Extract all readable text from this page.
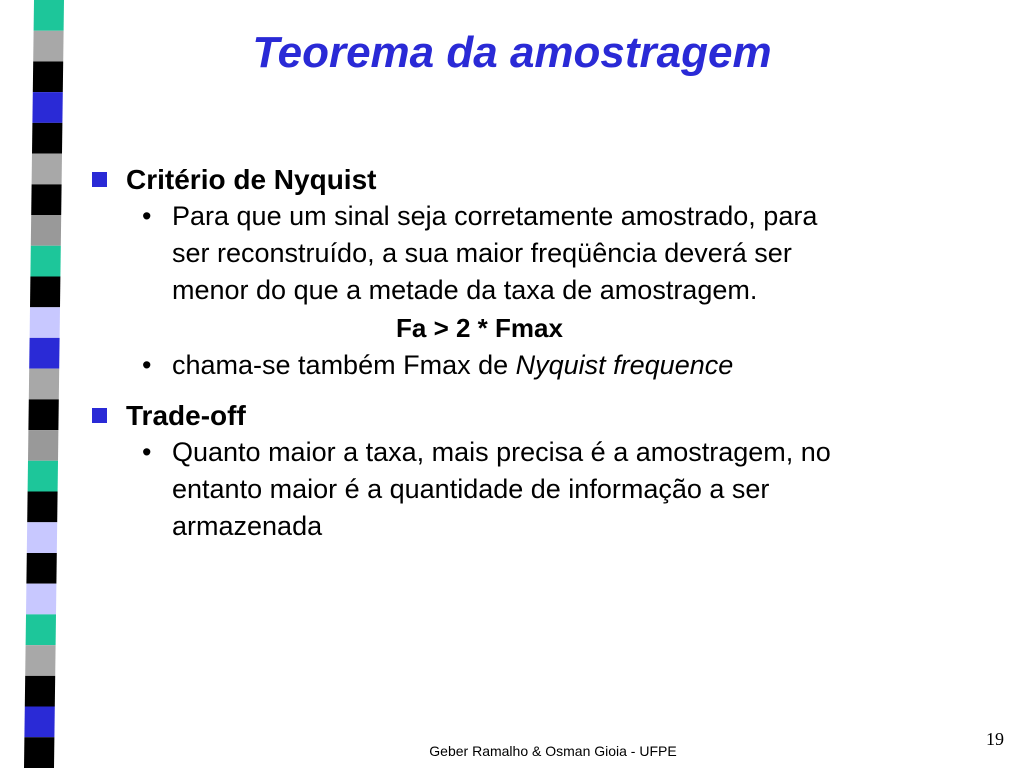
Teorema da amostragem
Critério de Nyquist
• Para que um sinal seja corretamente amostrado, para
ser reconstruído, a sua maior freqüência deverá ser
menor do que a metade da taxa de amostragem.
Fa > 2 * Fmax
• chama-se também Fmax de Nyquist frequence
Trade-off
• Quanto maior a taxa, mais precisa é a amostragem, no
entanto maior é a quantidade de informação a ser
armazenada
Geber Ramalho & Osman Gioia - UFPE
19
